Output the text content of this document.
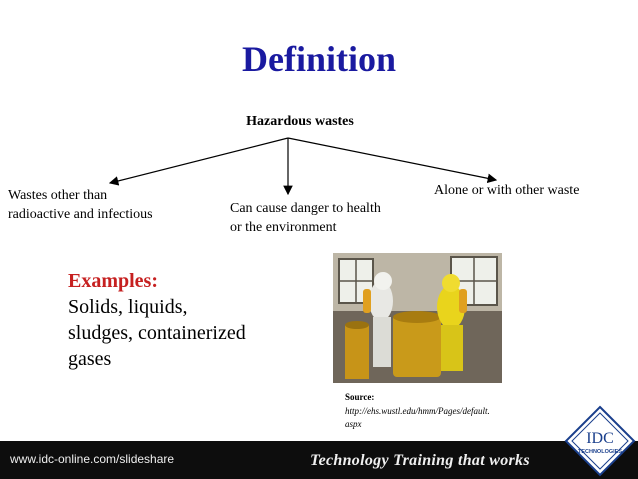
Definition
Hazardous wastes
Wastes other than
radioactive and infectious	Can cause danger to health
or the environment
Alone or with other waste
Examples:
Solids, liquids,
sludges, containerized
gases
Source:
http://ehs.wustl.edu/hmm/Pages/default.
aspx
www.idc-online.com/slideshare	Technology Training that works
IDC
TECHNOLOGIES
